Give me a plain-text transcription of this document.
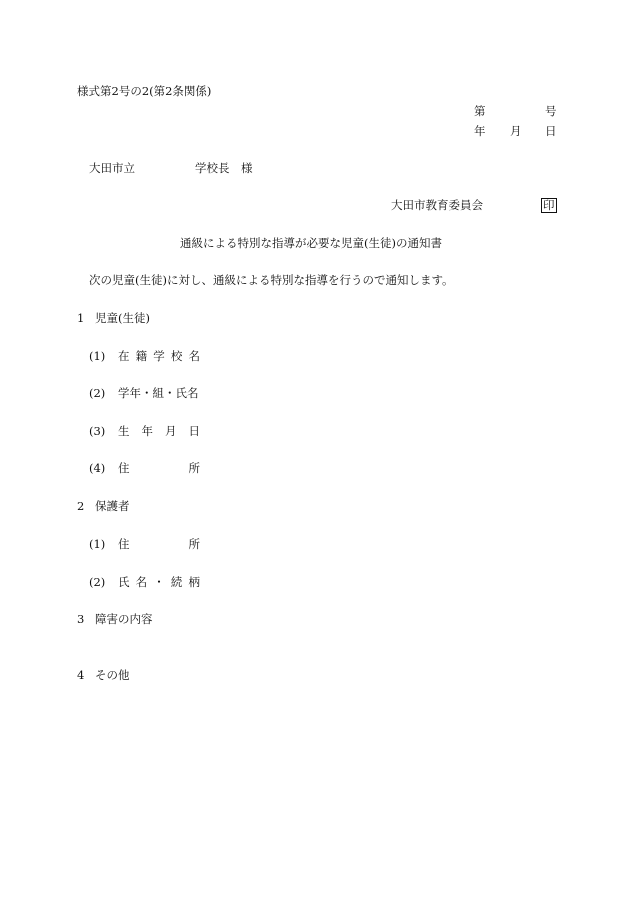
様式第2号の2(第2条関係)
第	号
年 月 日
大田市立	学校長　様
大田市教育委員会	印
通級による特別な指導が必要な児童(生徒)の通知書
次の児童(生徒)に対し、通級による特別な指導を行うので通知します。
1 児童(生徒)
(1) 在 籍 学 校 名
(2) 学年・組・氏名
(3) 生 年 月 日
(4) 住	所
2 保護者
(1) 住	所
(2) 氏 名 ・ 続 柄
3 障害の内容
4 その他
